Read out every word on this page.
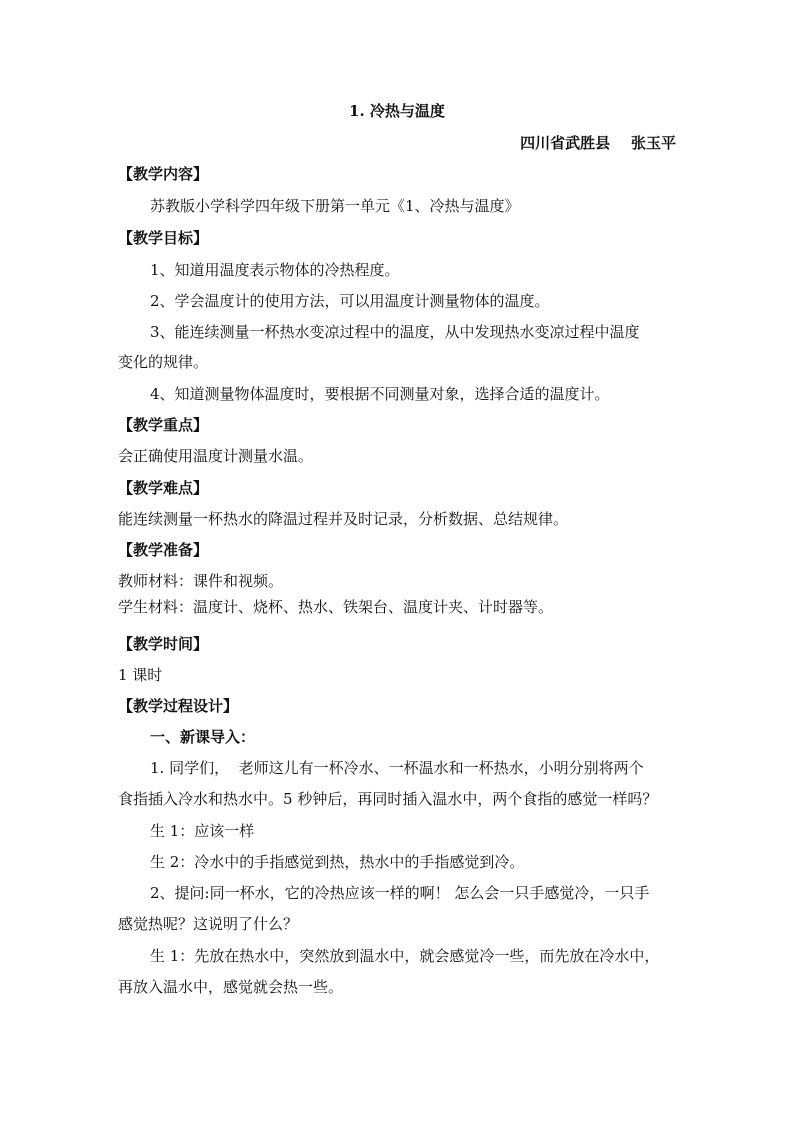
1. 冷热与温度
四川省武胜县    张玉平
【教学内容】
苏教版小学科学四年级下册第一单元《1、冷热与温度》
【教学目标】
1、知道用温度表示物体的冷热程度。
2、学会温度计的使用方法，可以用温度计测量物体的温度。
3、能连续测量一杯热水变凉过程中的温度，从中发现热水变凉过程中温度
变化的规律。
4、知道测量物体温度时，要根据不同测量对象，选择合适的温度计。
【教学重点】
会正确使用温度计测量水温。
【教学难点】
能连续测量一杯热水的降温过程并及时记录，分析数据、总结规律。
【教学准备】
教师材料：课件和视频。
学生材料：温度计、烧杯、热水、铁架台、温度计夹、计时器等。
【教学时间】
1 课时
【教学过程设计】
一、新课导入：
1. 同学们，  老师这儿有一杯冷水、一杯温水和一杯热水，小明分别将两个
食指插入冷水和热水中。5 秒钟后，再同时插入温水中，两个食指的感觉一样吗？
生 1：应该一样
生 2：冷水中的手指感觉到热，热水中的手指感觉到冷。
2、提问:同一杯水，它的冷热应该一样的啊！ 怎么会一只手感觉冷，一只手
感觉热呢？这说明了什么？
生 1：先放在热水中，突然放到温水中，就会感觉冷一些，而先放在冷水中，
再放入温水中，感觉就会热一些。
